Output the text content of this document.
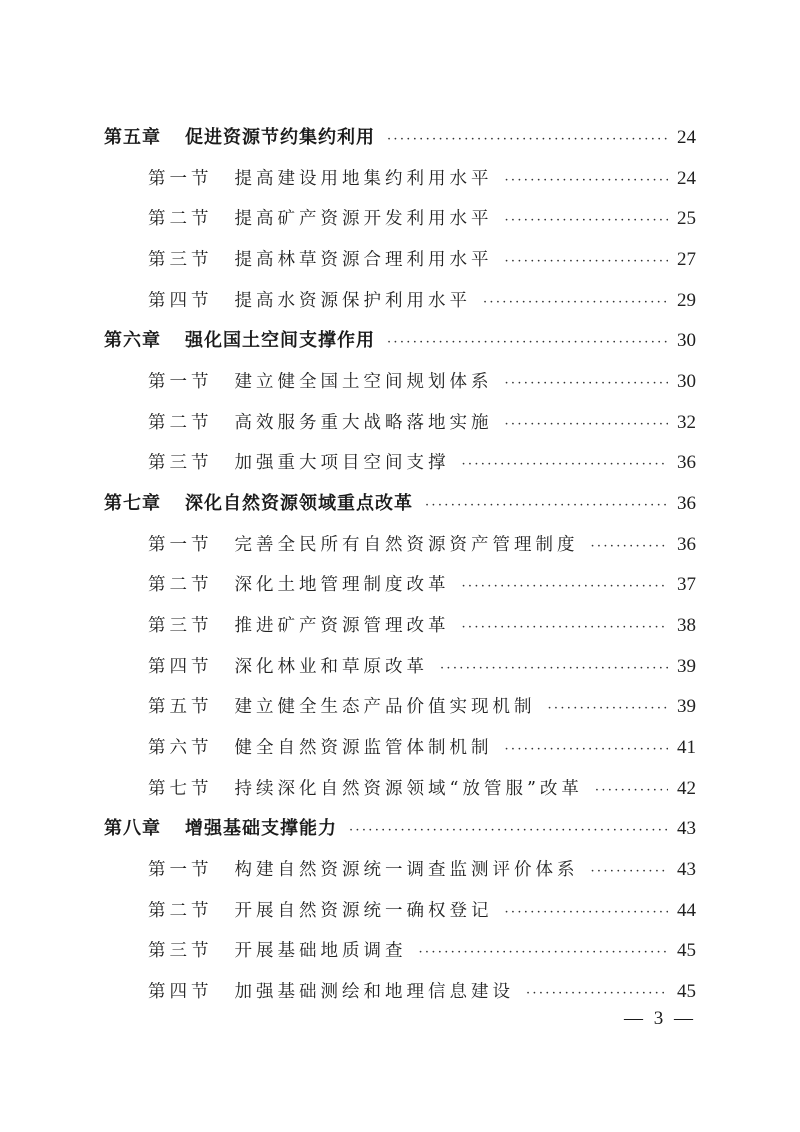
第五章 促进资源节约集约利用 ·····	24
第一节 提高建设用地集约利用水平 ·····	24
第二节 提高矿产资源开发利用水平 ·····	25
第三节 提高林草资源合理利用水平 ·····	27
第四节 提高水资源保护利用水平 ·····	29
第六章 强化国土空间支撑作用 ·····	30
第一节 建立健全国土空间规划体系 ·····	30
第二节 高效服务重大战略落地实施 ·····	32
第三节 加强重大项目空间支撑 ·····	36
第七章 深化自然资源领域重点改革 ·····	36
第一节 完善全民所有自然资源资产管理制度 ·····	36
第二节 深化土地管理制度改革 ·····	37
第三节 推进矿产资源管理改革 ·····	38
第四节 深化林业和草原改革 ·····	39
第五节 建立健全生态产品价值实现机制 ·····	39
第六节 健全自然资源监管体制机制 ·····	41
第七节 持续深化自然资源领域“放管服”改革 ·····	42
第八章 增强基础支撑能力 ·····	43
第一节 构建自然资源统一调查监测评价体系 ·····	43
第二节 开展自然资源统一确权登记 ·····	44
第三节 开展基础地质调查 ·····	45
第四节 加强基础测绘和地理信息建设 ·····	45
— 3 —
